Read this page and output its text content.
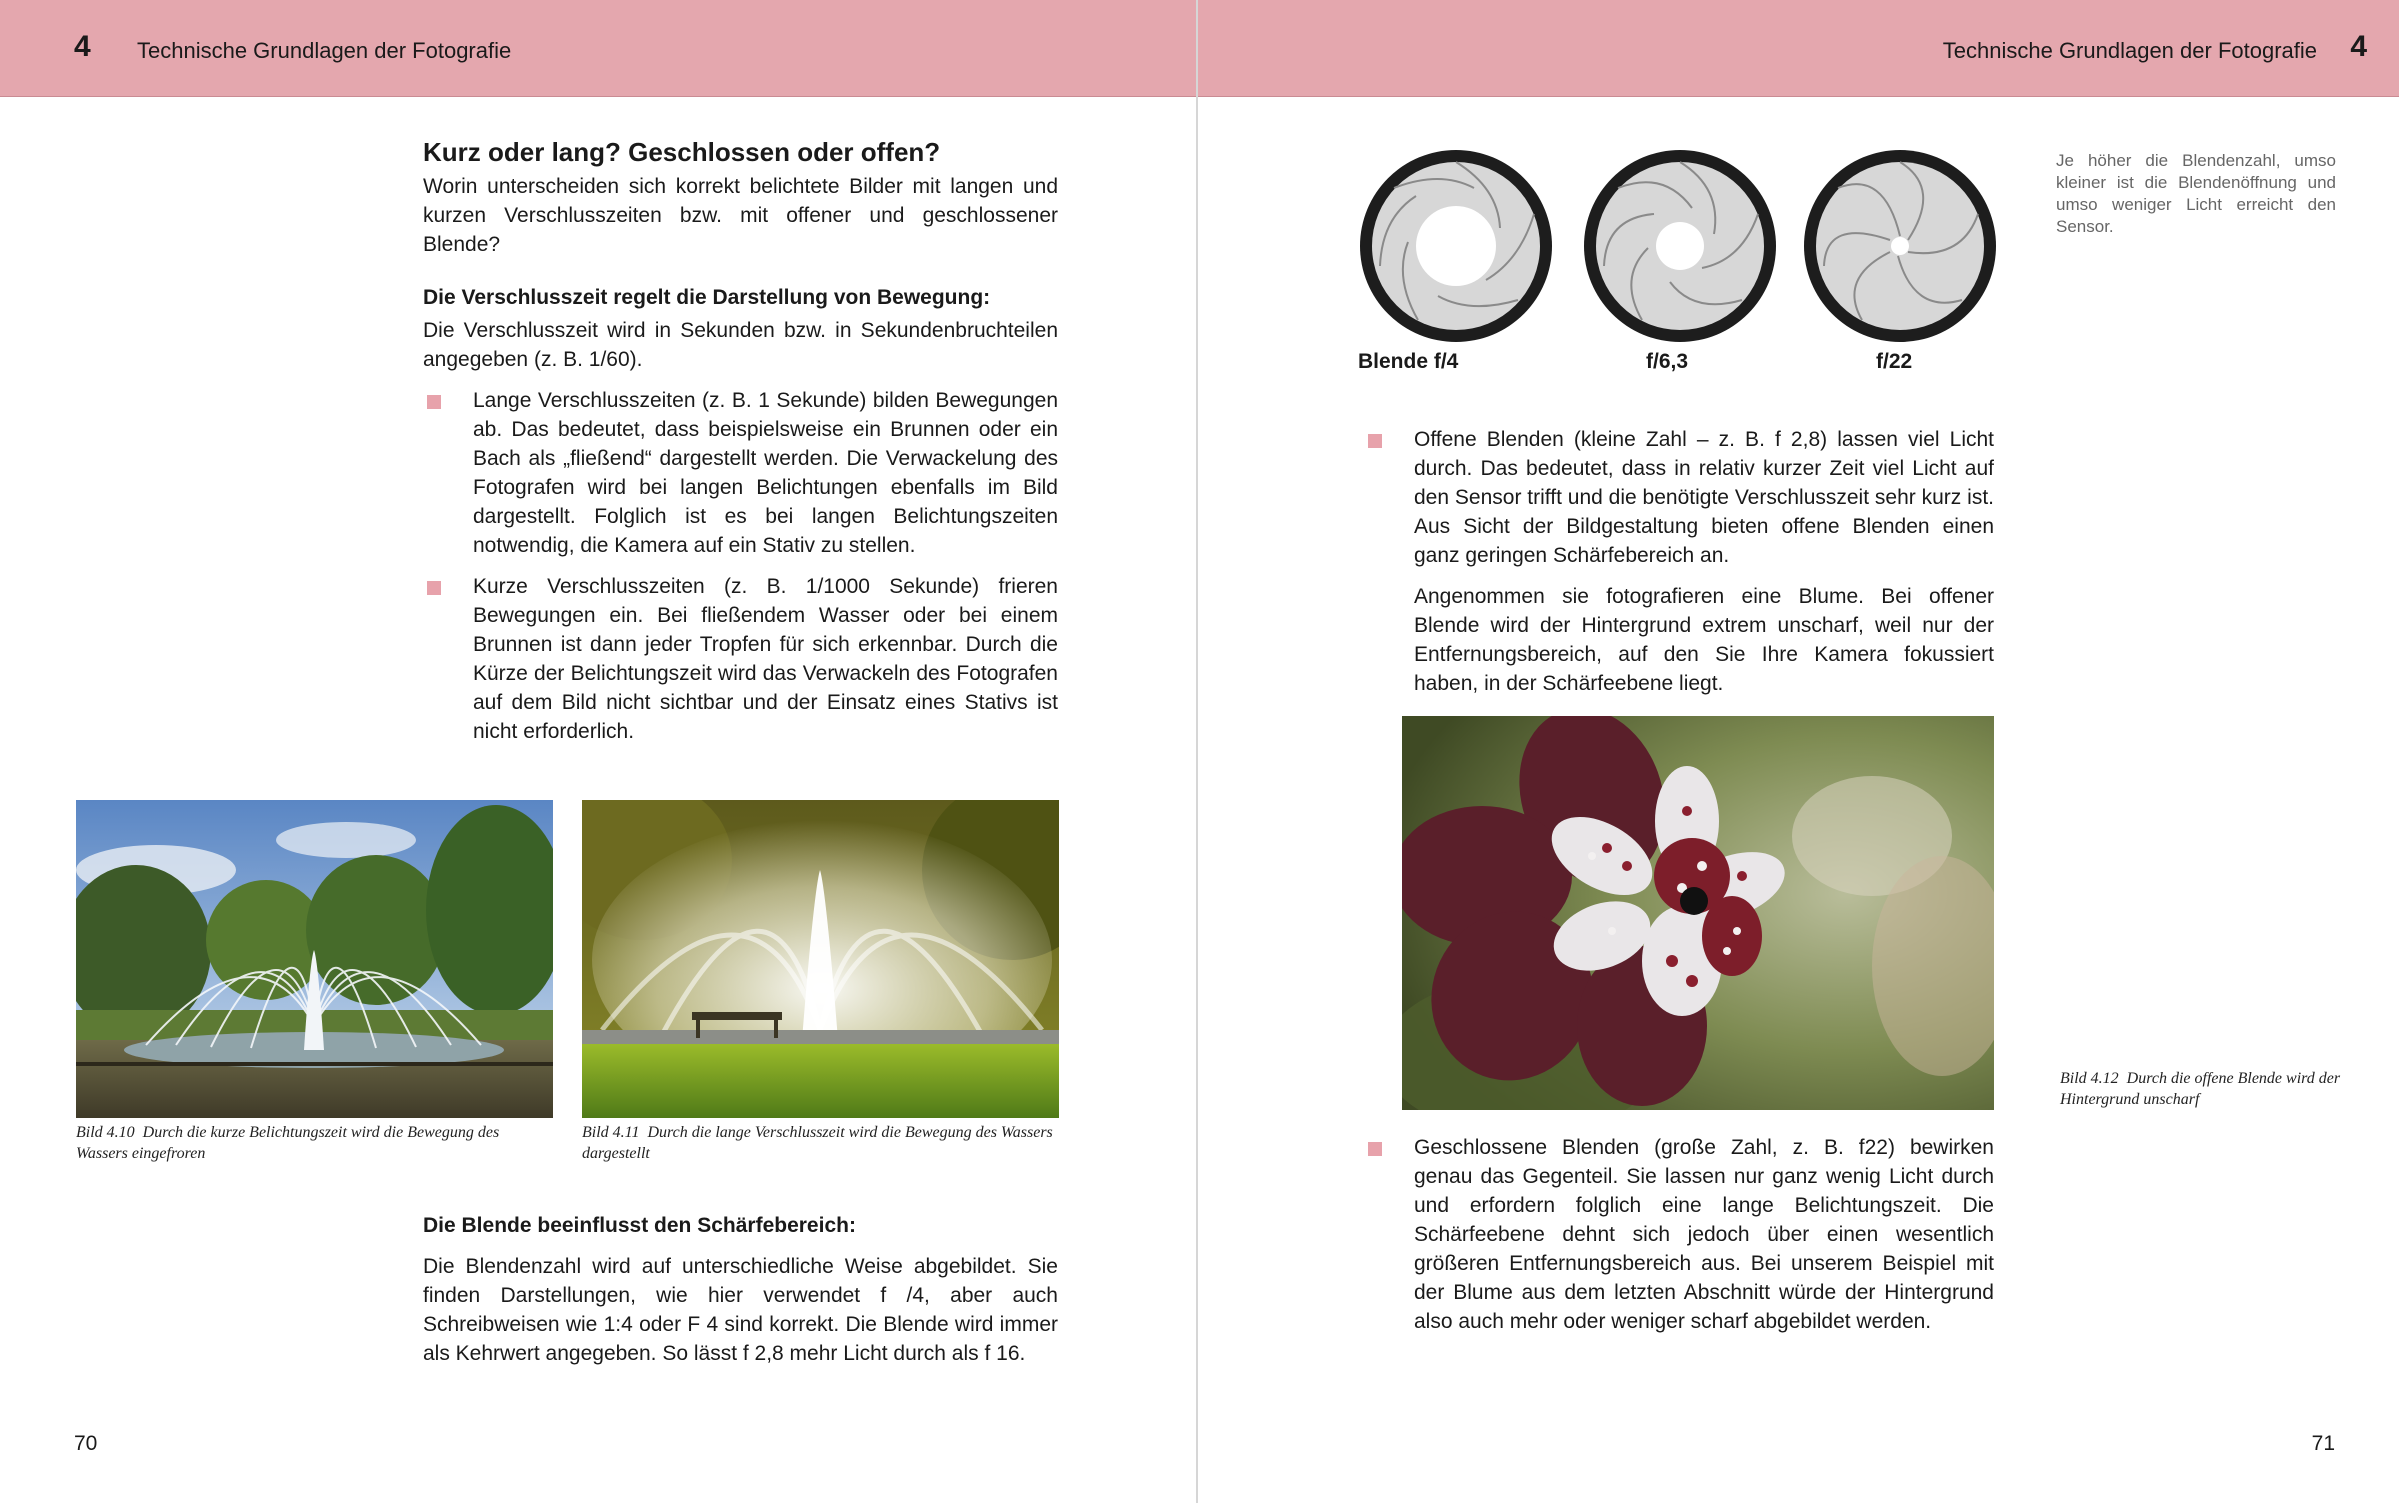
4 Technische Grundlagen der Fotografie
Kurz oder lang? Geschlossen oder offen?

Worin unterscheiden sich korrekt belichtete Bilder mit langen und kurzen Verschlusszeiten bzw. mit offener und geschlossener Blende?

Die Verschlusszeit regelt die Darstellung von Bewegung:

Die Verschlusszeit wird in Sekunden bzw. in Sekundenbruchteilen angegeben (z. B. 1/60).

Lange Verschlusszeiten (z. B. 1 Sekunde) bilden Bewegungen ab. Das bedeutet, dass beispielsweise ein Brunnen oder ein Bach als „fließend“ dargestellt werden. Die Verwackelung des Fotografen wird bei langen Belichtungen ebenfalls im Bild dargestellt. Folglich ist es bei langen Belichtungszeiten notwendig, die Kamera auf ein Stativ zu stellen.
Kurze Verschlusszeiten (z. B. 1/1000 Sekunde) frieren Bewegungen ein. Bei fließendem Wasser oder bei einem Brunnen ist dann jeder Tropfen für sich erkennbar. Durch die Kürze der Belichtungszeit wird das Verwackeln des Fotografen auf dem Bild nicht sichtbar und der Einsatz eines Stativs ist nicht erforderlich.
Bild 4.10 Durch die kurze Belichtungszeit wird die Bewegung des Wassers eingefroren
Bild 4.11 Durch die lange Verschlusszeit wird die Bewegung des Wassers dargestellt
Die Blende beeinflusst den Schärfebereich:

Die Blendenzahl wird auf unterschiedliche Weise abgebildet. Sie finden Darstellungen, wie hier verwendet f /4, aber auch Schreibweisen wie 1:4 oder F 4 sind korrekt. Die Blende wird immer als Kehrwert angegeben. So lässt f 2,8 mehr Licht durch als f 16.

70
Technische Grundlagen der Fotografie 4
Blende f/4	f/6,3	f/22
Je höher die Blendenzahl, umso kleiner ist die Blendenöffnung und umso weniger Licht erreicht den Sensor.
Offene Blenden (kleine Zahl – z. B. f 2,8) lassen viel Licht durch. Das bedeutet, dass in relativ kurzer Zeit viel Licht auf den Sensor trifft und die benötigte Verschlusszeit sehr kurz ist. Aus Sicht der Bildgestaltung bieten offene Blenden einen ganz geringen Schärfebereich an.

Angenommen sie fotografieren eine Blume. Bei offener Blende wird der Hintergrund extrem unscharf, weil nur der Entfernungsbereich, auf den Sie Ihre Kamera fokussiert haben, in der Schärfeebene liegt.

Bild 4.12 Durch die offene Blende wird der Hintergrund unscharf
Geschlossene Blenden (große Zahl, z. B. f22) bewirken genau das Gegenteil. Sie lassen nur ganz wenig Licht durch und erfordern folglich eine lange Belichtungszeit. Die Schärfeebene dehnt sich jedoch über einen wesentlich größeren Entfernungsbereich aus. Bei unserem Beispiel mit der Blume aus dem letzten Abschnitt würde der Hintergrund also auch mehr oder weniger scharf abgebildet werden.
71
